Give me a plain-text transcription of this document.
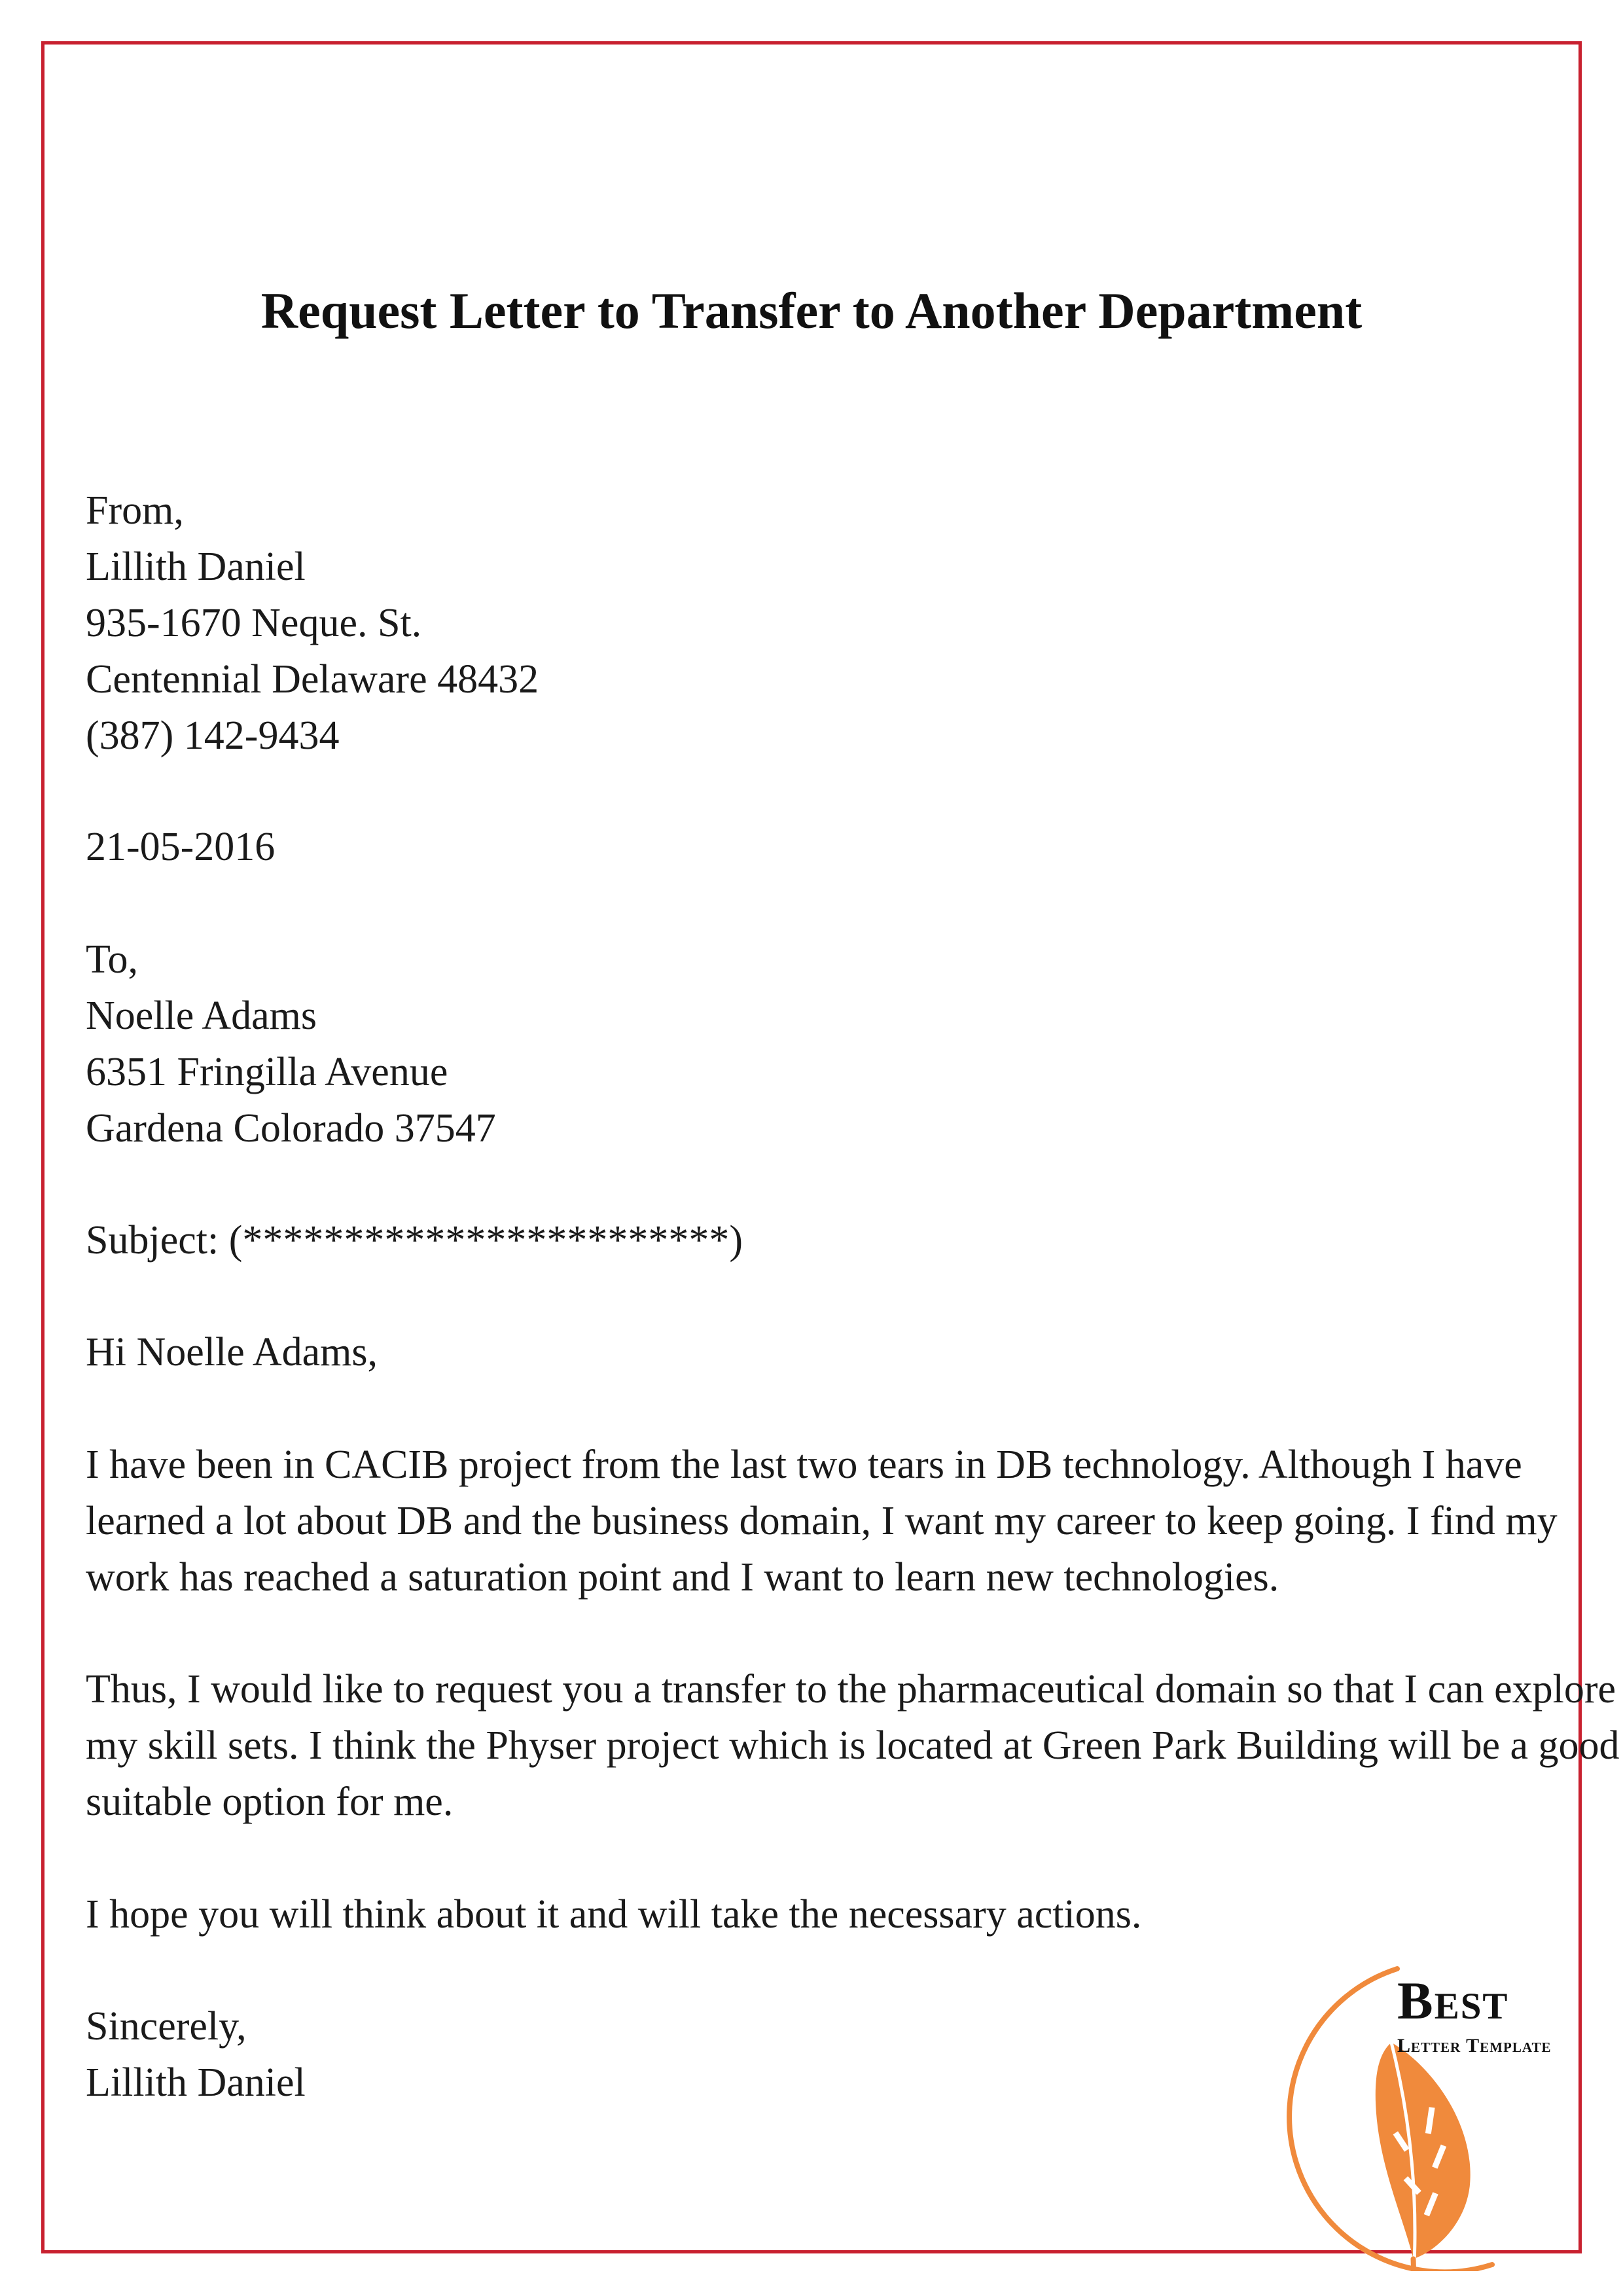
Request Letter to Transfer to Another Department
From,
Lillith Daniel
935-1670 Neque. St.
Centennial Delaware 48432
(387) 142-9434
21-05-2016
To,
Noelle Adams
6351 Fringilla Avenue
Gardena Colorado 37547
Subject: (************************)
Hi Noelle Adams,
I have been in CACIB project from the last two tears in DB technology. Although I have
learned a lot about DB and the business domain, I want my career to keep going. I find my
work has reached a saturation point and I want to learn new technologies.
Thus, I would like to request you a transfer to the pharmaceutical domain so that I can explore
my skill sets. I think the Physer project which is located at Green Park Building will be a good
suitable option for me.
I hope you will think about it and will take the necessary actions.
Sincerely,
Lillith Daniel
Best
Letter Template
